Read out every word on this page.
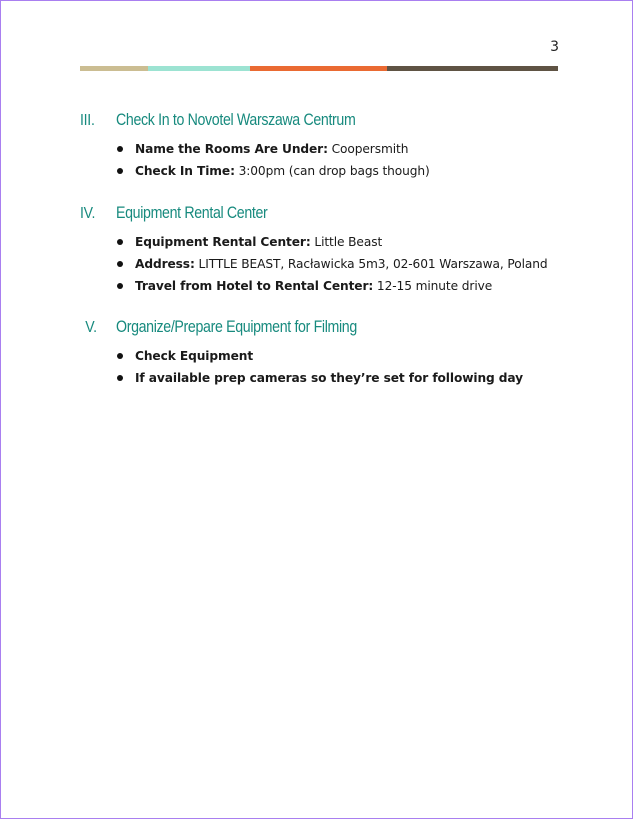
3
III.	Check In to Novotel Warszawa Centrum
Name the Rooms Are Under: Coopersmith
Check In Time: 3:00pm (can drop bags though)
IV.	Equipment Rental Center
Equipment Rental Center: Little Beast
Address: LITTLE BEAST, Racławicka 5m3, 02-601 Warszawa, Poland
Travel from Hotel to Rental Center: 12-15 minute drive
V.	Organize/Prepare Equipment for Filming
Check Equipment
If available prep cameras so they’re set for following day
